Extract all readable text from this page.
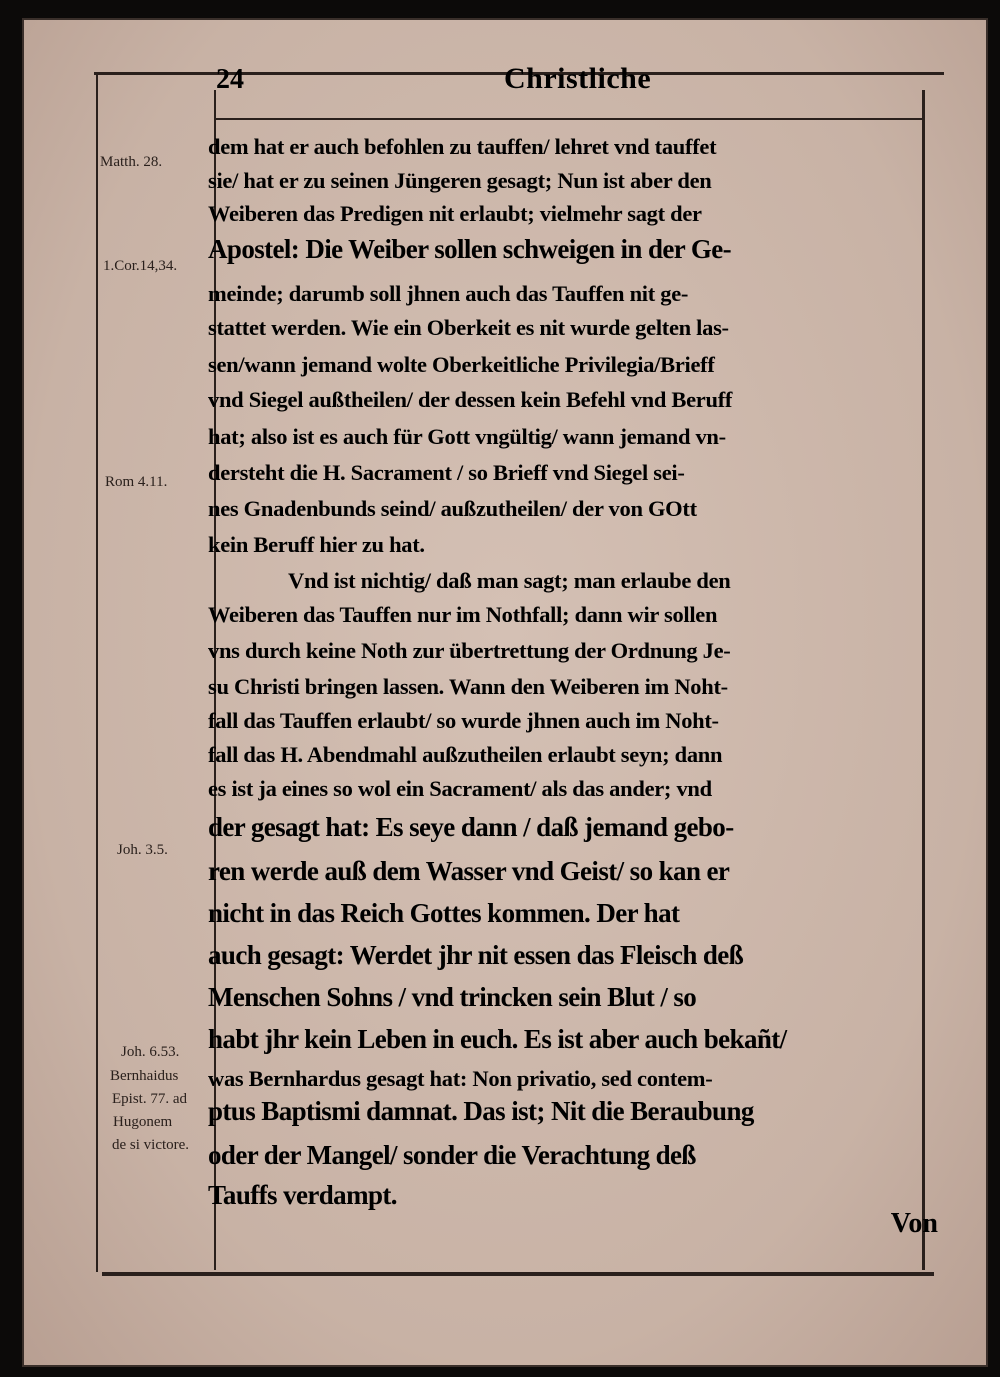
24	Christliche
Matth. 28.
1.Cor.14,34.
Rom 4.11.
Joh. 3.5.
Joh. 6.53.
Bernhaidus
Epist. 77. ad
Hugonem
de si victore.
dem hat er auch befohlen zu tauffen/ lehret vnd tauffet
sie/ hat er zu seinen Jüngeren gesagt; Nun ist aber den
Weiberen das Predigen nit erlaubt; vielmehr sagt der
Apostel: Die Weiber sollen schweigen in der Ge-
meinde; darumb soll jhnen auch das Tauffen nit ge-
stattet werden. Wie ein Oberkeit es nit wurde gelten las-
sen/wann jemand wolte Oberkeitliche Privilegia/Brieff
vnd Siegel außtheilen/ der dessen kein Befehl vnd Beruff
hat; also ist es auch für Gott vngültig/ wann jemand vn-
dersteht die H. Sacrament / so Brieff vnd Siegel sei-
nes Gnadenbunds seind/ außzutheilen/ der von GOtt
kein Beruff hier zu hat.
Vnd ist nichtig/ daß man sagt; man erlaube den
Weiberen das Tauffen nur im Nothfall; dann wir sollen
vns durch keine Noth zur übertrettung der Ordnung Je-
su Christi bringen lassen. Wann den Weiberen im Noht-
fall das Tauffen erlaubt/ so wurde jhnen auch im Noht-
fall das H. Abendmahl außzutheilen erlaubt seyn; dann
es ist ja eines so wol ein Sacrament/ als das ander; vnd
der gesagt hat: Es seye dann / daß jemand gebo-
ren werde auß dem Wasser vnd Geist/ so kan er
nicht in das Reich Gottes kommen. Der hat
auch gesagt: Werdet jhr nit essen das Fleisch deß
Menschen Sohns / vnd trincken sein Blut / so
habt jhr kein Leben in euch. Es ist aber auch bekañt/
was Bernhardus gesagt hat: Non privatio, sed contem-
ptus Baptismi damnat. Das ist; Nit die Beraubung
oder der Mangel/ sonder die Verachtung deß
Tauffs verdampt.
Von
